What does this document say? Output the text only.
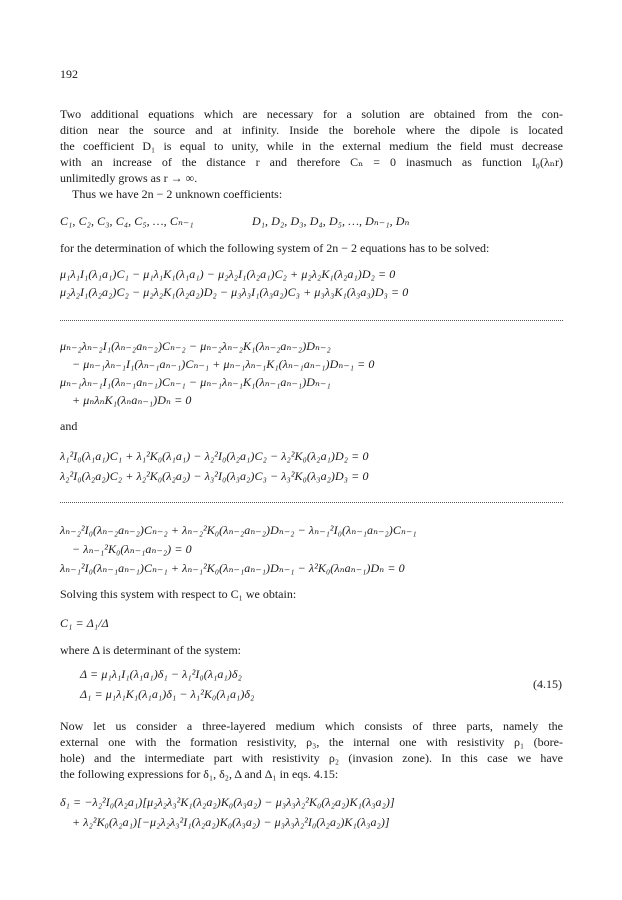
192
Two additional equations which are necessary for a solution are obtained from the con-
dition near the source and at infinity. Inside the borehole where the dipole is located
the coefficient D₁ is equal to unity, while in the external medium the field must decrease
with an increase of the distance r and therefore Cₙ = 0 inasmuch as function I₀(λₙr)
unlimitedly grows as r → ∞.
Thus we have 2n − 2 unknown coefficients:
C₁, C₂, C₃, C₄, C₅, …, Cₙ₋₁	D₁, D₂, D₃, D₄, D₅, …, Dₙ₋₁, Dₙ
for the determination of which the following system of 2n − 2 equations has to be solved:
μ₁λ₁I₁(λ₁a₁)C₁ − μ₁λ₁K₁(λ₁a₁) − μ₂λ₂I₁(λ₂a₁)C₂ + μ₂λ₂K₁(λ₂a₁)D₂ = 0
μ₂λ₂I₁(λ₂a₂)C₂ − μ₂λ₂K₁(λ₂a₂)D₂ − μ₃λ₃I₁(λ₃a₂)C₃ + μ₃λ₃K₁(λ₃a₃)D₃ = 0
μₙ₋₂λₙ₋₂I₁(λₙ₋₂aₙ₋₂)Cₙ₋₂ − μₙ₋₂λₙ₋₂K₁(λₙ₋₂aₙ₋₂)Dₙ₋₂
− μₙ₋₁λₙ₋₁I₁(λₙ₋₁aₙ₋₁)Cₙ₋₁ + μₙ₋₁λₙ₋₁K₁(λₙ₋₁aₙ₋₁)Dₙ₋₁ = 0
μₙ₋₁λₙ₋₁I₁(λₙ₋₁aₙ₋₁)Cₙ₋₁ − μₙ₋₁λₙ₋₁K₁(λₙ₋₁aₙ₋₁)Dₙ₋₁
+ μₙλₙK₁(λₙaₙ₋₁)Dₙ = 0
and
λ₁²I₀(λ₁a₁)C₁ + λ₁²K₀(λ₁a₁) − λ₂²I₀(λ₂a₁)C₂ − λ₂²K₀(λ₂a₁)D₂ = 0
λ₂²I₀(λ₂a₂)C₂ + λ₂²K₀(λ₂a₂) − λ₃²I₀(λ₃a₂)C₃ − λ₃²K₀(λ₃a₂)D₃ = 0
λₙ₋₂²I₀(λₙ₋₂aₙ₋₂)Cₙ₋₂ + λₙ₋₂²K₀(λₙ₋₂aₙ₋₂)Dₙ₋₂ − λₙ₋₁²I₀(λₙ₋₁aₙ₋₂)Cₙ₋₁
− λₙ₋₁²K₀(λₙ₋₁aₙ₋₂) = 0
λₙ₋₁²I₀(λₙ₋₁aₙ₋₁)Cₙ₋₁ + λₙ₋₁²K₀(λₙ₋₁aₙ₋₁)Dₙ₋₁ − λ²K₀(λₙaₙ₋₁)Dₙ = 0
Solving this system with respect to C₁ we obtain:
C₁ = Δ₁/Δ
where Δ is determinant of the system:
Δ = μ₁λ₁I₁(λ₁a₁)δ₁ − λ₁²I₀(λ₁a₁)δ₂
Δ₁ = μ₁λ₁K₁(λ₁a₁)δ₁ − λ₁²K₀(λ₁a₁)δ₂
(4.15)
Now let us consider a three-layered medium which consists of three parts, namely the
external one with the formation resistivity, ρ₃, the internal one with resistivity ρ₁ (bore-
hole) and the intermediate part with resistivity ρ₂ (invasion zone). In this case we have
the following expressions for δ₁, δ₂, Δ and Δ₁ in eqs. 4.15:
δ₁ = −λ₂²I₀(λ₂a₁)[μ₂λ₂λ₃²K₁(λ₂a₂)K₀(λ₃a₂) − μ₃λ₃λ₂²K₀(λ₂a₂)K₁(λ₃a₂)]
+ λ₂²K₀(λ₂a₁)[−μ₂λ₂λ₃²I₁(λ₂a₂)K₀(λ₃a₂) − μ₃λ₃λ₂²I₀(λ₂a₂)K₁(λ₃a₂)]
